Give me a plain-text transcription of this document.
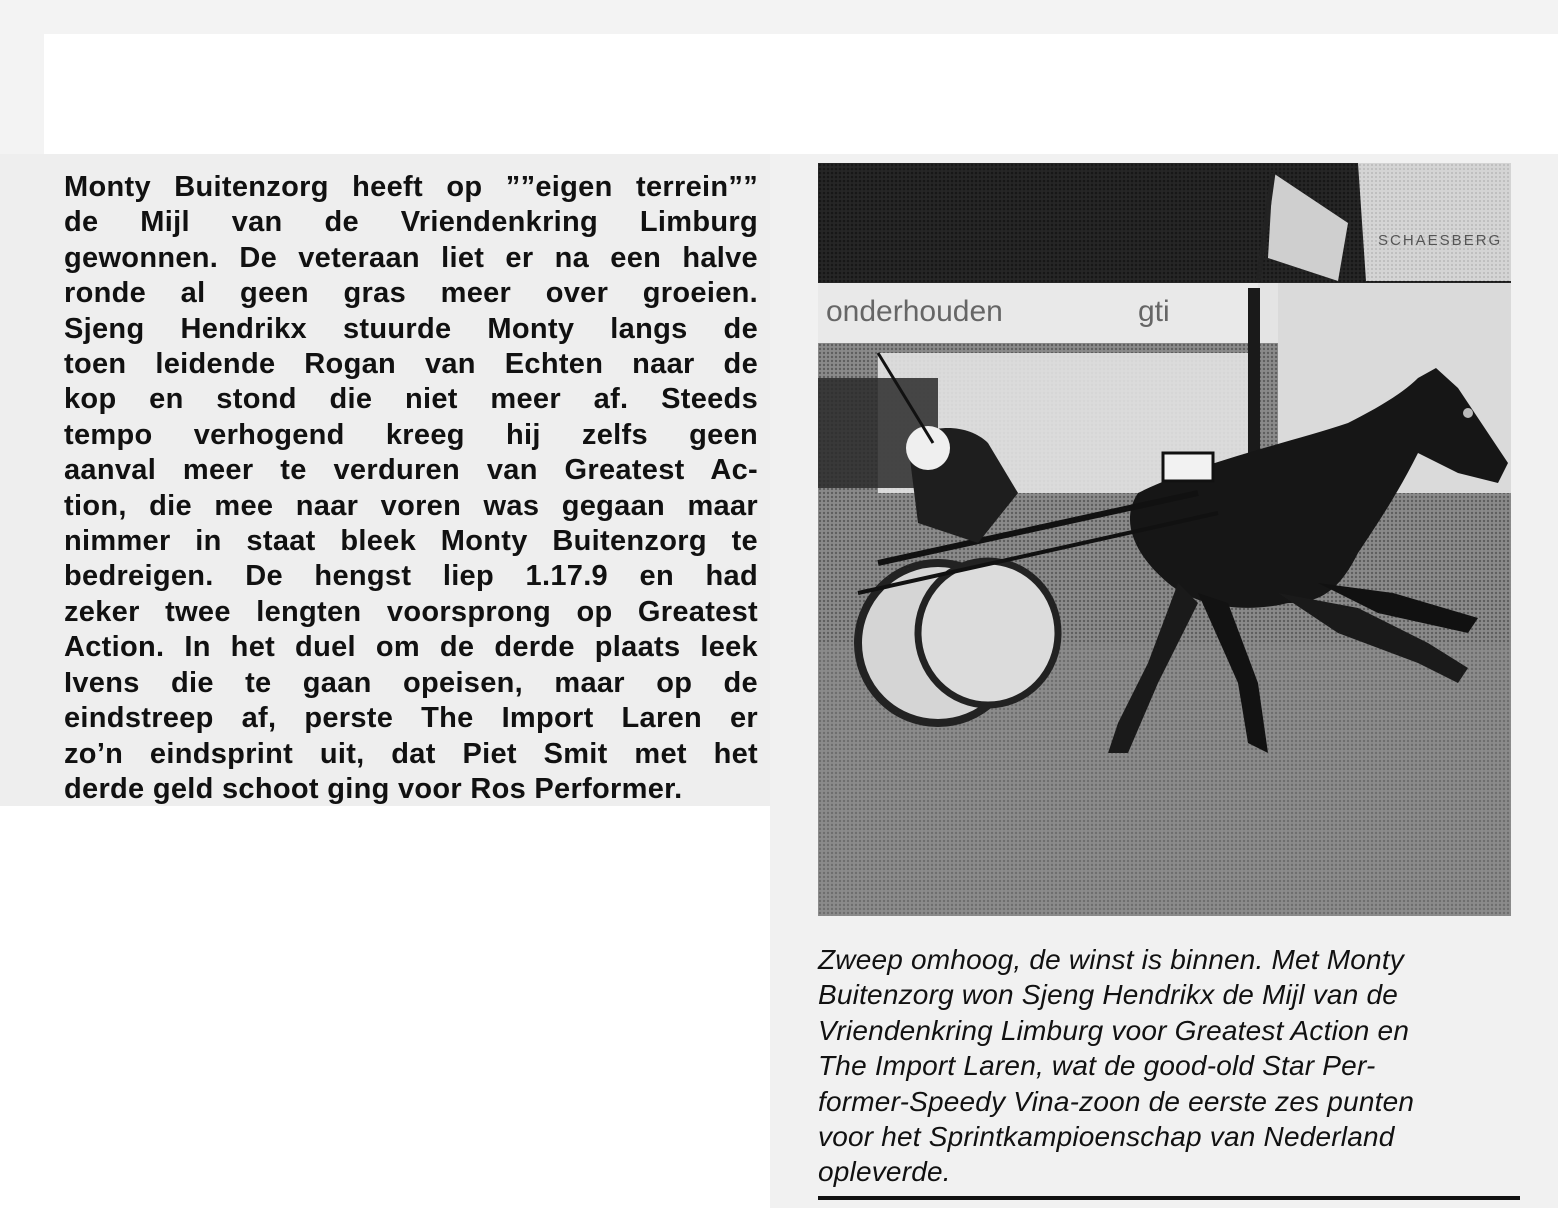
Monty Buitenzorg heeft op ””eigen terrein””
de Mijl van de Vriendenkring Limburg
gewonnen. De veteraan liet er na een halve
ronde al geen gras meer over groeien.
Sjeng Hendrikx stuurde Monty langs de
toen leidende Rogan van Echten naar de
kop en stond die niet meer af. Steeds
tempo verhogend kreeg hij zelfs geen
aanval meer te verduren van Greatest Ac-
tion, die mee naar voren was gegaan maar
nimmer in staat bleek Monty Buitenzorg te
bedreigen. De hengst liep 1.17.9 en had
zeker twee lengten voorsprong op Greatest
Action. In het duel om de derde plaats leek
Ivens die te gaan opeisen, maar op de
eindstreep af, perste The Import Laren er
zo’n eindsprint uit, dat Piet Smit met het
derde geld schoot ging voor Ros Performer.
SCHAESBERG
onderhouden	gti
Zweep omhoog, de winst is binnen. Met Monty
Buitenzorg won Sjeng Hendrikx de Mijl van de
Vriendenkring Limburg voor Greatest Action en
The Import Laren, wat de good-old Star Per-
former-Speedy Vina-zoon de eerste zes punten
voor het Sprintkampioenschap van Nederland
opleverde.
